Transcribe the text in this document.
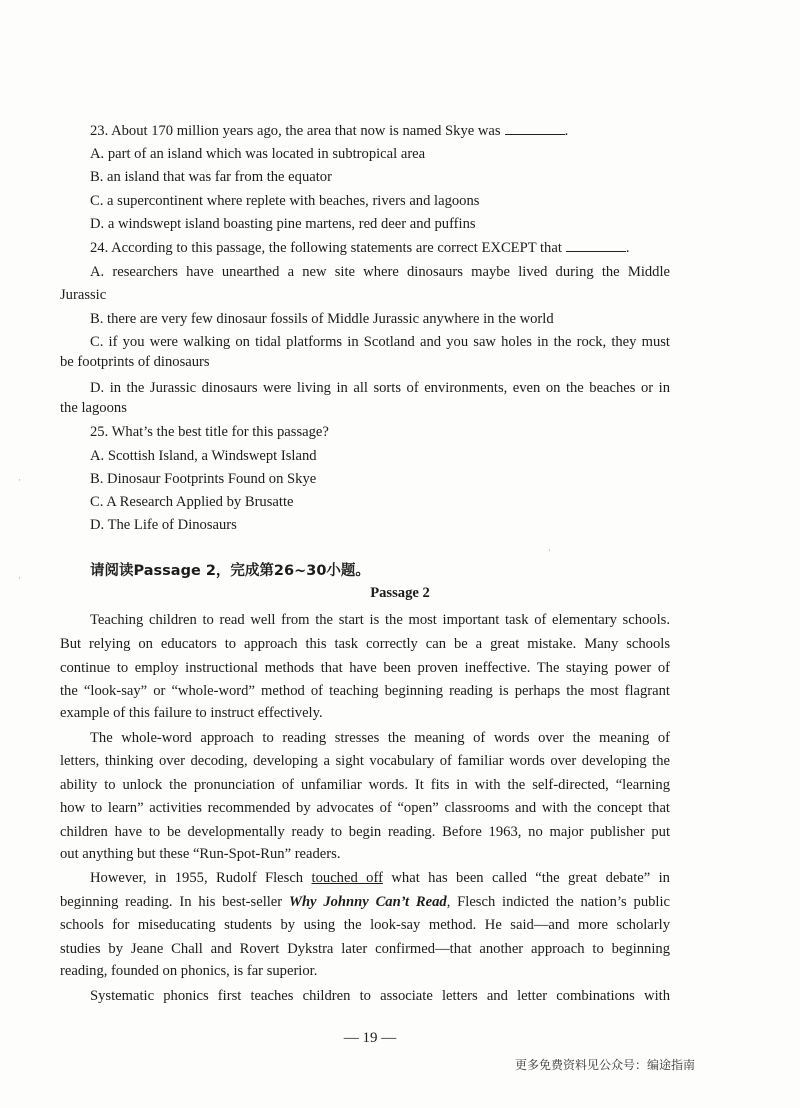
23. About 170 million years ago, the area that now is named Skye was	.
A. part of an island which was located in subtropical area
B. an island that was far from the equator
C. a supercontinent where replete with beaches, rivers and lagoons
D. a windswept island boasting pine martens, red deer and puffins
24. According to this passage, the following statements are correct EXCEPT that	.
A. researchers have unearthed a new site where dinosaurs maybe lived during the Middle
Jurassic
B. there are very few dinosaur fossils of Middle Jurassic anywhere in the world
C. if you were walking on tidal platforms in Scotland and you saw holes in the rock, they must
be footprints of dinosaurs
D. in the Jurassic dinosaurs were living in all sorts of environments, even on the beaches or in
the lagoons
25. What’s the best title for this passage?
A. Scottish Island, a Windswept Island
B. Dinosaur Footprints Found on Skye
C. A Research Applied by Brusatte
D. The Life of Dinosaurs
请阅读Passage 2，完成第26~30小题。
Passage 2
Teaching children to read well from the start is the most important task of elementary schools.
But relying on educators to approach this task correctly can be a great mistake. Many schools
continue to employ instructional methods that have been proven ineffective. The staying power of
the “look-say” or “whole-word” method of teaching beginning reading is perhaps the most flagrant
example of this failure to instruct effectively.
The whole-word approach to reading stresses the meaning of words over the meaning of
letters, thinking over decoding, developing a sight vocabulary of familiar words over developing the
ability to unlock the pronunciation of unfamiliar words. It fits in with the self-directed, “learning
how to learn” activities recommended by advocates of “open” classrooms and with the concept that
children have to be developmentally ready to begin reading. Before 1963, no major publisher put
out anything but these “Run-Spot-Run” readers.
However, in 1955, Rudolf Flesch touched off what has been called “the great debate” in
beginning reading. In his best-seller Why Johnny Can’t Read, Flesch indicted the nation’s public
schools for miseducating students by using the look-say method. He said—and more scholarly
studies by Jeane Chall and Rovert Dykstra later confirmed—that another approach to beginning
reading, founded on phonics, is far superior.
Systematic phonics first teaches children to associate letters and letter combinations with
— 19 —
更多免费资料见公众号：编途指南
·
·
·
